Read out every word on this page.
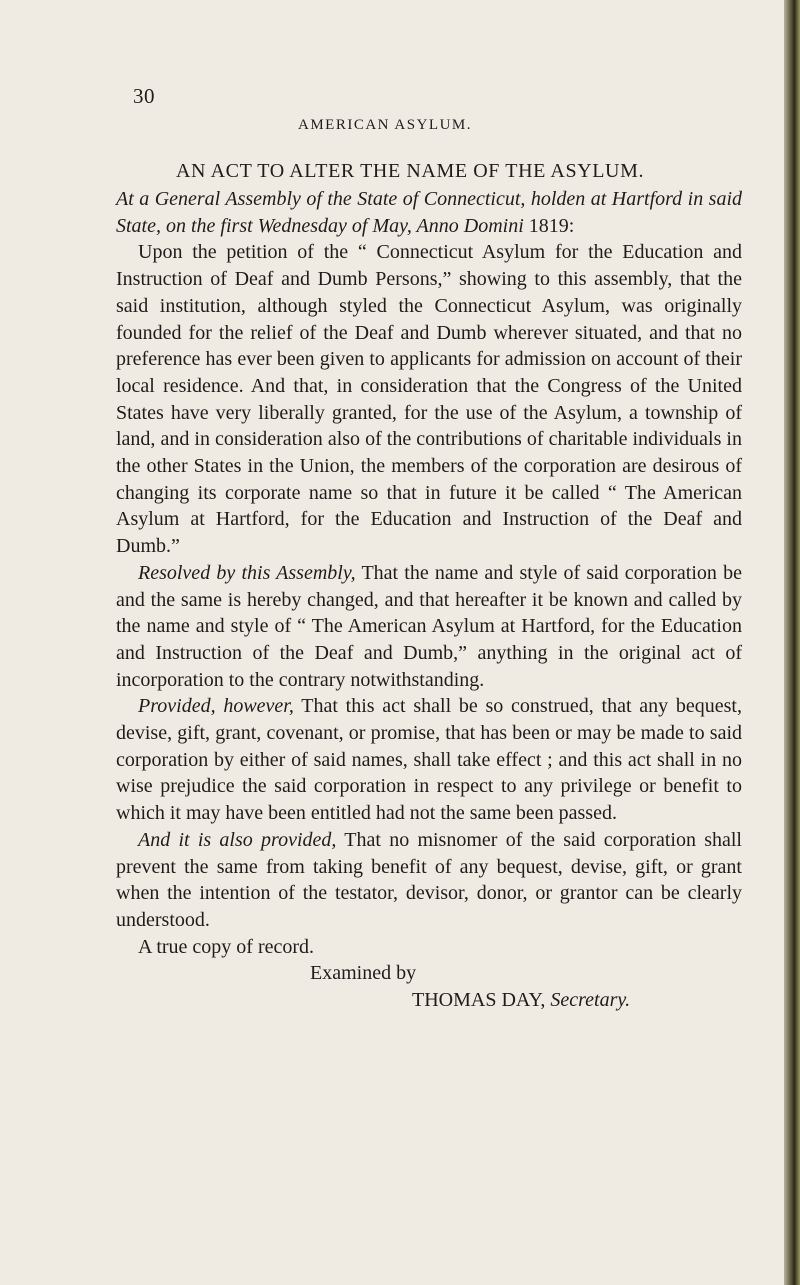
30
AMERICAN ASYLUM.
AN ACT TO ALTER THE NAME OF THE ASYLUM.

At a General Assembly of the State of Connecticut, holden at Hartford in said State, on the first Wednesday of May, Anno Domini 1819:

Upon the petition of the “ Connecticut Asylum for the Education and Instruction of Deaf and Dumb Persons,” showing to this assembly, that the said institution, although styled the Connecticut Asylum, was originally founded for the relief of the Deaf and Dumb wherever situated, and that no preference has ever been given to applicants for admission on account of their local residence. And that, in consideration that the Congress of the United States have very liberally granted, for the use of the Asylum, a township of land, and in consideration also of the contributions of charitable individuals in the other States in the Union, the members of the corporation are desirous of changing its corporate name so that in future it be called “ The American Asylum at Hartford, for the Education and Instruction of the Deaf and Dumb.”

Resolved by this Assembly, That the name and style of said corporation be and the same is hereby changed, and that hereafter it be known and called by the name and style of “ The American Asylum at Hartford, for the Education and Instruction of the Deaf and Dumb,” anything in the original act of incorporation to the contrary notwithstanding.

Provided, however, That this act shall be so construed, that any bequest, devise, gift, grant, covenant, or promise, that has been or may be made to said corporation by either of said names, shall take effect ; and this act shall in no wise prejudice the said corporation in respect to any privilege or benefit to which it may have been entitled had not the same been passed.

And it is also provided, That no misnomer of the said corporation shall prevent the same from taking benefit of any bequest, devise, gift, or grant when the intention of the testator, devisor, donor, or grantor can be clearly understood.

A true copy of record.

Examined by

THOMAS DAY, Secretary.
